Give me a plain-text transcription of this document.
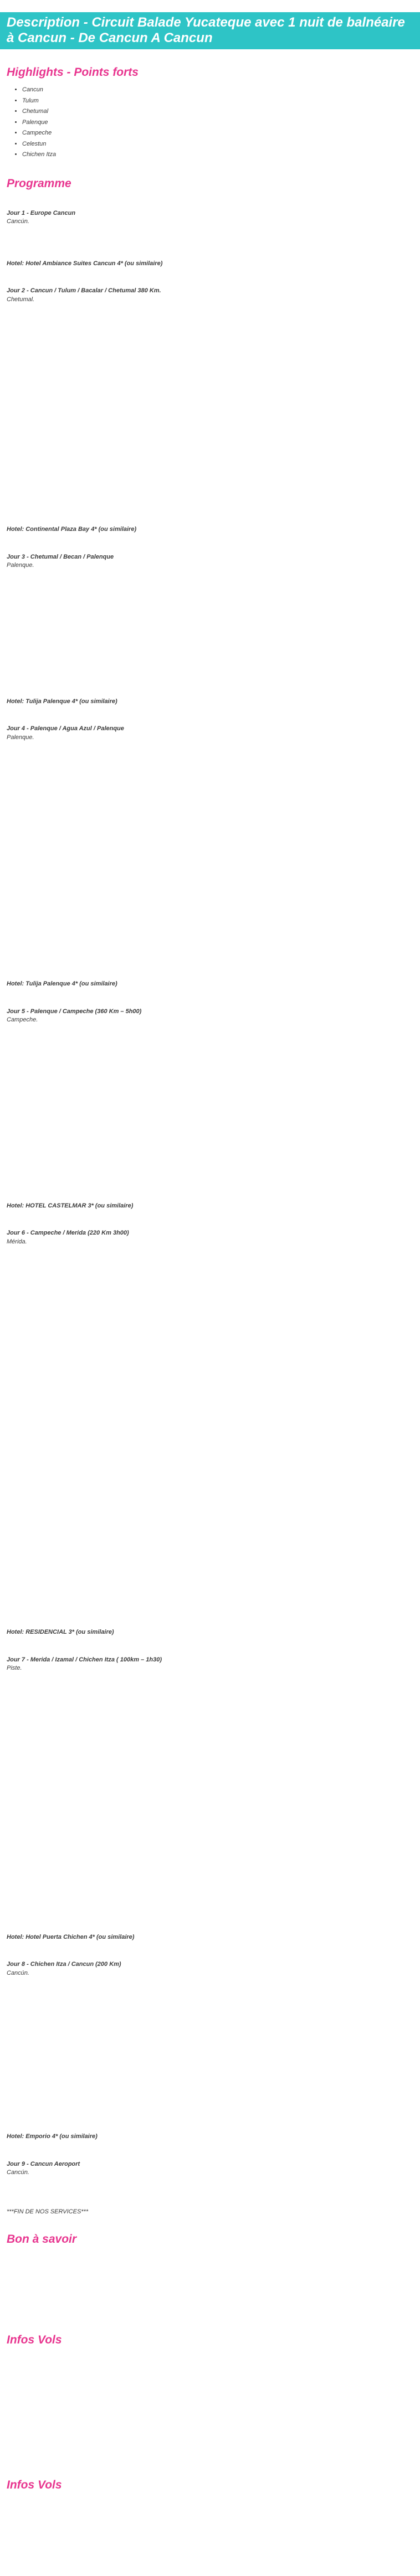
Description - Circuit Balade Yucateque avec 1 nuit de balnéaire à Cancun - De Cancun A Cancun
Highlights - Points forts
• Cancun
• Tulum
• Chetumal
• Palenque
• Campeche
• Celestun
• Chichen Itza
Programme
Jour 1 - Europe Cancun
Cancún.
Hotel: Hotel Ambiance Suites Cancun 4* (ou similaire)
Jour 2 - Cancun / Tulum / Bacalar / Chetumal 380 Km.
Chetumal.
Hotel: Continental Plaza Bay 4* (ou similaire)
Jour 3 - Chetumal / Becan / Palenque
Palenque.
Hotel: Tulija Palenque 4* (ou similaire)
Jour 4 - Palenque / Agua Azul / Palenque
Palenque.
Hotel: Tulija Palenque 4* (ou similaire)
Jour 5 - Palenque / Campeche (360 Km – 5h00)
Campeche.
Hotel: HOTEL CASTELMAR 3* (ou similaire)
Jour 6 - Campeche / Merida (220 Km 3h00)
Mérida.
Hotel: RESIDENCIAL 3* (ou similaire)
Jour 7 - Merida / Izamal / Chichen Itza ( 100km – 1h30)
Piste.
Hotel: Hotel Puerta Chichen 4* (ou similaire)
Jour 8 - Chichen Itza / Cancun (200 Km)
Cancún.
Hotel: Emporio 4* (ou similaire)
Jour 9 - Cancun Aeroport
Cancún.
***FIN DE NOS SERVICES***
Bon à savoir
Infos Vols
Infos Vols
